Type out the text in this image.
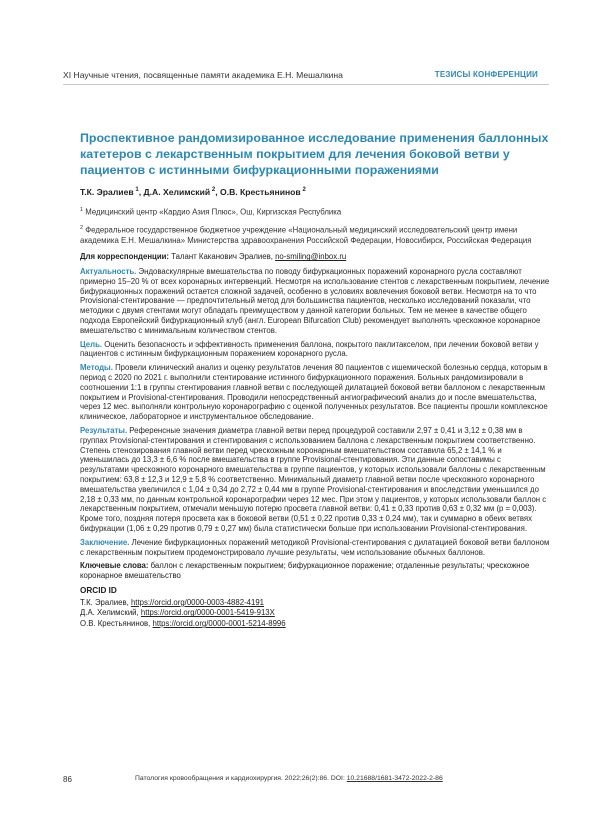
XI Научные чтения, посвященные памяти академика Е.Н. Мешалкина	ТЕЗИСЫ КОНФЕРЕНЦИИ
Проспективное рандомизированное исследование применения баллонных катетеров с лекарственным покрытием для лечения боковой ветви у пациентов с истинными бифуркационными поражениями
Т.К. Эралиев  $^1$, Д.А. Хелимский  $^2$, О.В. Крестьянинов  $^2$

$^1$ Медицинский центр «Кардио Азия Плюс», Ош, Киргизская Республика

$^2$ Федеральное государственное бюджетное учреждение «Национальный медицинский исследовательский центр имени академика Е.Н. Мешалкина» Министерства здравоохранения Российской Федерации, Новосибирск, Российская Федерация

Для корреспонденции: Талант Каканович Эралиев, no-smiling@inbox.ru

Актуальность. Эндоваскулярные вмешательства по поводу бифуркационных поражений коронарного русла составляют примерно 15–20 % от всех коронарных интервенций. Несмотря на использование стентов с лекарственным покрытием, лечение бифуркационных поражений остается сложной задачей, особенно в условиях вовлечения боковой ветви. Несмотря на то что Provisional-стентирование — предпочтительный метод для большинства пациентов, несколько исследований показали, что методики с двумя стентами могут обладать преимуществом у данной категории больных. Тем не менее в качестве общего подхода Европейский бифуркационный клуб (англ. European Bifurcation Club) рекомендует выполнять чрескожное коронарное вмешательство с минимальным количеством стентов.

Цель. Оценить безопасность и эффективность применения баллона, покрытого паклитакселом, при лечении боковой ветви у пациентов с истинным бифуркационным поражением коронарного русла.

Методы. Провели клинический анализ и оценку результатов лечения 80 пациентов с ишемической болезнью сердца, которым в период с 2020 по 2021 г. выполнили стентирование истинного бифуркационного поражения. Больных рандомизировали в соотношении 1:1 в группы стентирования главной ветви с последующей дилатацией боковой ветви баллоном с лекарственным покрытием и Provisional-стентирования. Проводили непосредственный ангиографический анализ до и после вмешательства, через 12 мес. выполняли контрольную коронарографию с оценкой полученных результатов. Все пациенты прошли комплексное клиническое, лабораторное и инструментальное обследование.

Результаты. Референсные значения диаметра главной ветви перед процедурой составили 2,97 ± 0,41 и 3,12 ± 0,38 мм в группах Provisional-стентирования и стентирования с использованием баллона с лекарственным покрытием соответственно. Степень стенозирования главной ветви перед чрескожным коронарным вмешательством составила 65,2 ± 14,1 % и уменьшилась до 13,3 ± 6,6 % после вмешательства в группе Provisional-стентирования. Эти данные сопоставимы с результатами чрескожного коронарного вмешательства в группе пациентов, у которых использовали баллоны с лекарственным покрытием: 63,8 ± 12,3 и 12,9 ± 5,8 % соответственно. Минимальный диаметр главной ветви после чрескожного коронарного вмешательства увеличился с 1,04 ± 0,34 до 2,72 ± 0,44 мм в группе Provisional-стентирования и впоследствии уменьшился до 2,18 ± 0,33 мм, по данным контрольной коронарографии через 12 мес. При этом у пациентов, у которых использовали баллон с лекарственным покрытием, отмечали меньшую потерю просвета главной ветви: 0,41 ± 0,33 против 0,63 ± 0,32 мм (p = 0,003). Кроме того, поздняя потеря просвета как в боковой ветви (0,51 ± 0,22 против 0,33 ± 0,24 мм), так и суммарно в обеих ветвях бифуркации (1,06 ± 0,29 против 0,79 ± 0,27 мм) была статистически больше при использовании Provisional-стентирования.

Заключение. Лечение бифуркационных поражений методикой Provisional-стентирования с дилатацией боковой ветви баллоном с лекарственным покрытием продемонстрировало лучшие результаты, чем использование обычных баллонов.

Ключевые слова: баллон с лекарственным покрытием; бифуркационное поражение; отдаленные результаты; чрескожное коронарное вмешательство

ORCID ID
Т.К. Эралиев, https://orcid.org/0000-0003-4882-4191
Д.А. Хелимский, https://orcid.org/0000-0001-5419-913X
О.В. Крестьянинов, https://orcid.org/0000-0001-5214-8996
86	Патология кровообращения и кардиохирургия. 2022;26(2):86. DOI: 10.21688/1681-3472-2022-2-86
